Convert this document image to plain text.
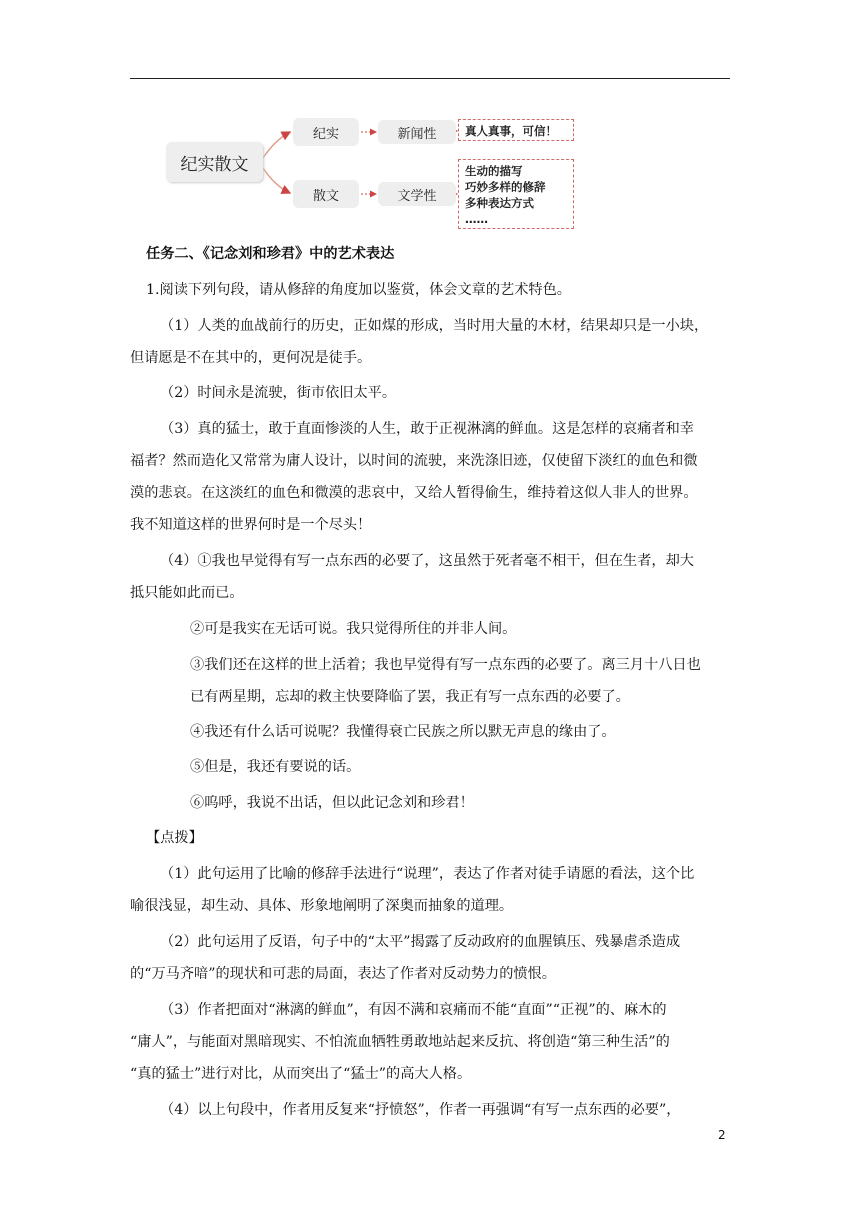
纪实散文
纪实
散文
新闻性
文学性
真人真事，可信！
生动的描写
巧妙多样的修辞
多种表达方式
……
任务二、《记念刘和珍君》中的艺术表达
1.阅读下列句段，请从修辞的角度加以鉴赏，体会文章的艺术特色。
（1）人类的血战前行的历史，正如煤的形成，当时用大量的木材，结果却只是一小块，
但请愿是不在其中的，更何况是徒手。
（2）时间永是流驶，街市依旧太平。
（3）真的猛士，敢于直面惨淡的人生，敢于正视淋漓的鲜血。这是怎样的哀痛者和幸
福者？然而造化又常常为庸人设计，以时间的流驶，来洗涤旧迹，仅使留下淡红的血色和微
漠的悲哀。在这淡红的血色和微漠的悲哀中，又给人暂得偷生，维持着这似人非人的世界。
我不知道这样的世界何时是一个尽头！
（4）①我也早觉得有写一点东西的必要了，这虽然于死者毫不相干，但在生者，却大
抵只能如此而已。
②可是我实在无话可说。我只觉得所住的并非人间。
③我们还在这样的世上活着；我也早觉得有写一点东西的必要了。离三月十八日也
已有两星期，忘却的救主快要降临了罢，我正有写一点东西的必要了。
④我还有什么话可说呢？我懂得衰亡民族之所以默无声息的缘由了。
⑤但是，我还有要说的话。
⑥呜呼，我说不出话，但以此记念刘和珍君！
【点拨】
（1）此句运用了比喻的修辞手法进行“说理”，表达了作者对徒手请愿的看法，这个比
喻很浅显，却生动、具体、形象地阐明了深奥而抽象的道理。
（2）此句运用了反语，句子中的“太平”揭露了反动政府的血腥镇压、残暴虐杀造成
的“万马齐喑”的现状和可悲的局面，表达了作者对反动势力的愤恨。
（3）作者把面对“淋漓的鲜血”，有因不满和哀痛而不能“直面”“正视”的、麻木的
“庸人”，与能面对黑暗现实、不怕流血牺牲勇敢地站起来反抗、将创造“第三种生活”的
“真的猛士”进行对比，从而突出了“猛士”的高大人格。
（4）以上句段中，作者用反复来“抒愤怒”，作者一再强调“有写一点东西的必要”，
2
